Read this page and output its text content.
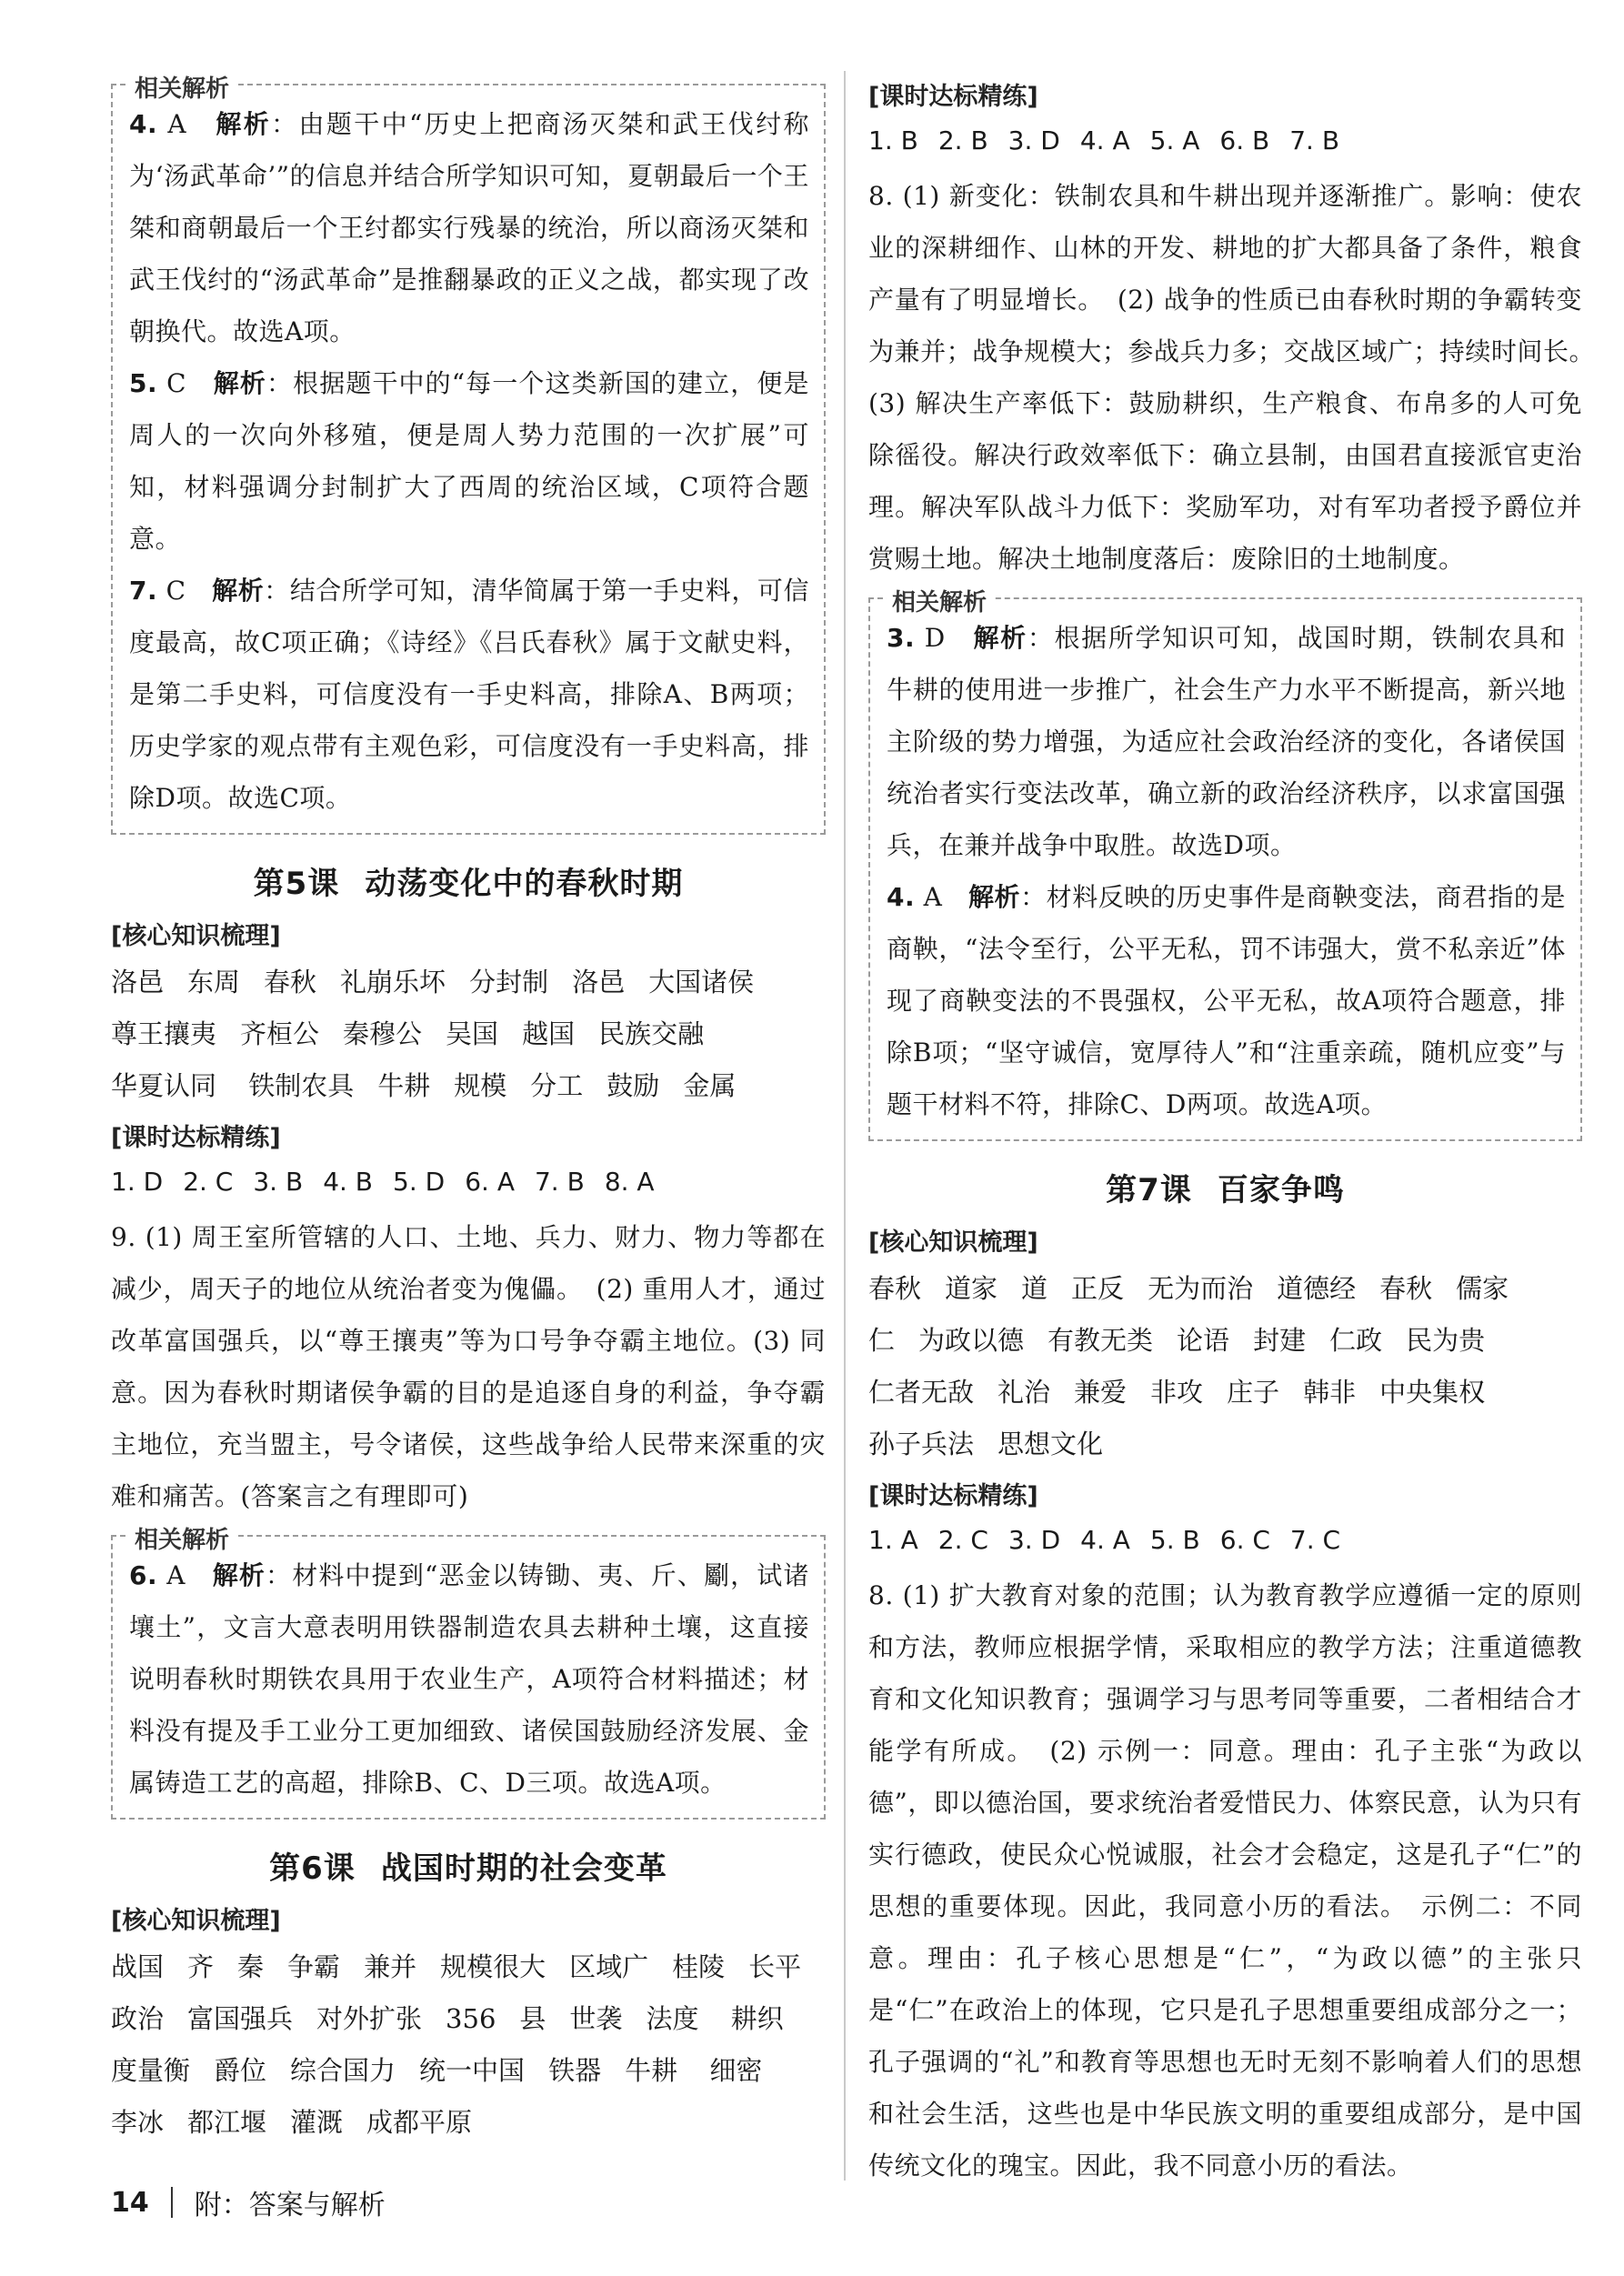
相关解析

4. A　 解析：由题干中“历史上把商汤灭桀和武王伐纣称为‘汤武革命’”的信息并结合所学知识可知，夏朝最后一个王桀和商朝最后一个王纣都实行残暴的统治，所以商汤灭桀和武王伐纣的“汤武革命”是推翻暴政的正义之战，都实现了改朝换代。故选A项。

5. C　 解析：根据题干中的“每一个这类新国的建立，便是周人的一次向外移殖，便是周人势力范围的一次扩展”可知，材料强调分封制扩大了西周的统治区域，C项符合题意。

7. C　 解析：结合所学可知，清华简属于第一手史料，可信度最高，故C项正确；《诗经》《吕氏春秋》属于文献史料，是第二手史料，可信度没有一手史料高，排除A、B两项；历史学家的观点带有主观色彩，可信度没有一手史料高，排除D项。故选C项。

第5课 动荡变化中的春秋时期
[核心知识梳理]

洛邑 东周 春秋 礼崩乐坏 分封制 洛邑 大国诸侯 尊王攘夷 齐桓公 秦穆公 吴国 越国 民族交融华夏认同 铁制农具 牛耕 规模 分工 鼓励 金属

[课时达标精练]
1. D 2. C 3. B 4. B 5. D 6. A 7. B 8. A

9. (1) 周王室所管辖的人口、土地、兵力、财力、物力等都在减少，周天子的地位从统治者变为傀儡。　(2) 重用人才，通过改革富国强兵，以“尊王攘夷”等为口号争夺霸主地位。(3) 同意。因为春秋时期诸侯争霸的目的是追逐自身的利益，争夺霸主地位，充当盟主，号令诸侯，这些战争给人民带来深重的灾难和痛苦。(答案言之有理即可)

相关解析

6. A　 解析：材料中提到“恶金以铸锄、夷、斤、劚，试诸壤土”，文言大意表明用铁器制造农具去耕种土壤，这直接说明春秋时期铁农具用于农业生产，A项符合材料描述；材料没有提及手工业分工更加细致、诸侯国鼓励经济发展、金属铸造工艺的高超，排除B、C、D三项。故选A项。

第6课 战国时期的社会变革
[核心知识梳理]

战国 齐 秦 争霸 兼并 规模很大 区域广 桂陵 长平 政治 富国强兵 对外扩张 356 县 世袭 法度 耕织度量衡 爵位 综合国力 统一中国 铁器 牛耕 细密李冰 都江堰 灌溉 成都平原

[课时达标精练]
1. B 2. B 3. D 4. A 5. A 6. B 7. B

8. (1) 新变化：铁制农具和牛耕出现并逐渐推广。影响：使农业的深耕细作、山林的开发、耕地的扩大都具备了条件，粮食产量有了明显增长。　(2) 战争的性质已由春秋时期的争霸转变为兼并；战争规模大；参战兵力多；交战区域广；持续时间长。　(3) 解决生产率低下：鼓励耕织，生产粮食、布帛多的人可免除徭役。解决行政效率低下：确立县制，由国君直接派官吏治理。解决军队战斗力低下：奖励军功，对有军功者授予爵位并赏赐土地。解决土地制度落后：废除旧的土地制度。

相关解析

3. D　 解析：根据所学知识可知，战国时期，铁制农具和牛耕的使用进一步推广，社会生产力水平不断提高，新兴地主阶级的势力增强，为适应社会政治经济的变化，各诸侯国统治者实行变法改革，确立新的政治经济秩序，以求富国强兵，在兼并战争中取胜。故选D项。

4. A　 解析：材料反映的历史事件是商鞅变法，商君指的是商鞅，“法令至行，公平无私，罚不讳强大，赏不私亲近”体现了商鞅变法的不畏强权，公平无私，故A项符合题意，排除B项；“坚守诚信，宽厚待人”和“注重亲疏，随机应变”与题干材料不符，排除C、D两项。故选A项。

第7课 百家争鸣
[核心知识梳理]

春秋 道家 道 正反 无为而治 道德经 春秋 儒家 仁 为政以德 有教无类 论语 封建 仁政 民为贵 仁者无敌 礼治 兼爱 非攻 庄子 韩非 中央集权 孙子兵法 思想文化

[课时达标精练]
1. A 2. C 3. D 4. A 5. B 6. C 7. C

8. (1) 扩大教育对象的范围；认为教育教学应遵循一定的原则和方法，教师应根据学情，采取相应的教学方法；注重道德教育和文化知识教育；强调学习与思考同等重要，二者相结合才能学有所成。　(2) 示例一：同意。理由：孔子主张“为政以德”，即以德治国，要求统治者爱惜民力、体察民意，认为只有实行德政，使民众心悦诚服，社会才会稳定，这是孔子“仁”的思想的重要体现。因此，我同意小历的看法。　示例二：不同意。理由：孔子核心思想是“仁”，“为政以德”的主张只是“仁”在政治上的体现，它只是孔子思想重要组成部分之一；孔子强调的“礼”和教育等思想也无时无刻不影响着人们的思想和社会生活，这些也是中华民族文明的重要组成部分，是中国传统文化的瑰宝。因此，我不同意小历的看法。

14 附：答案与解析
